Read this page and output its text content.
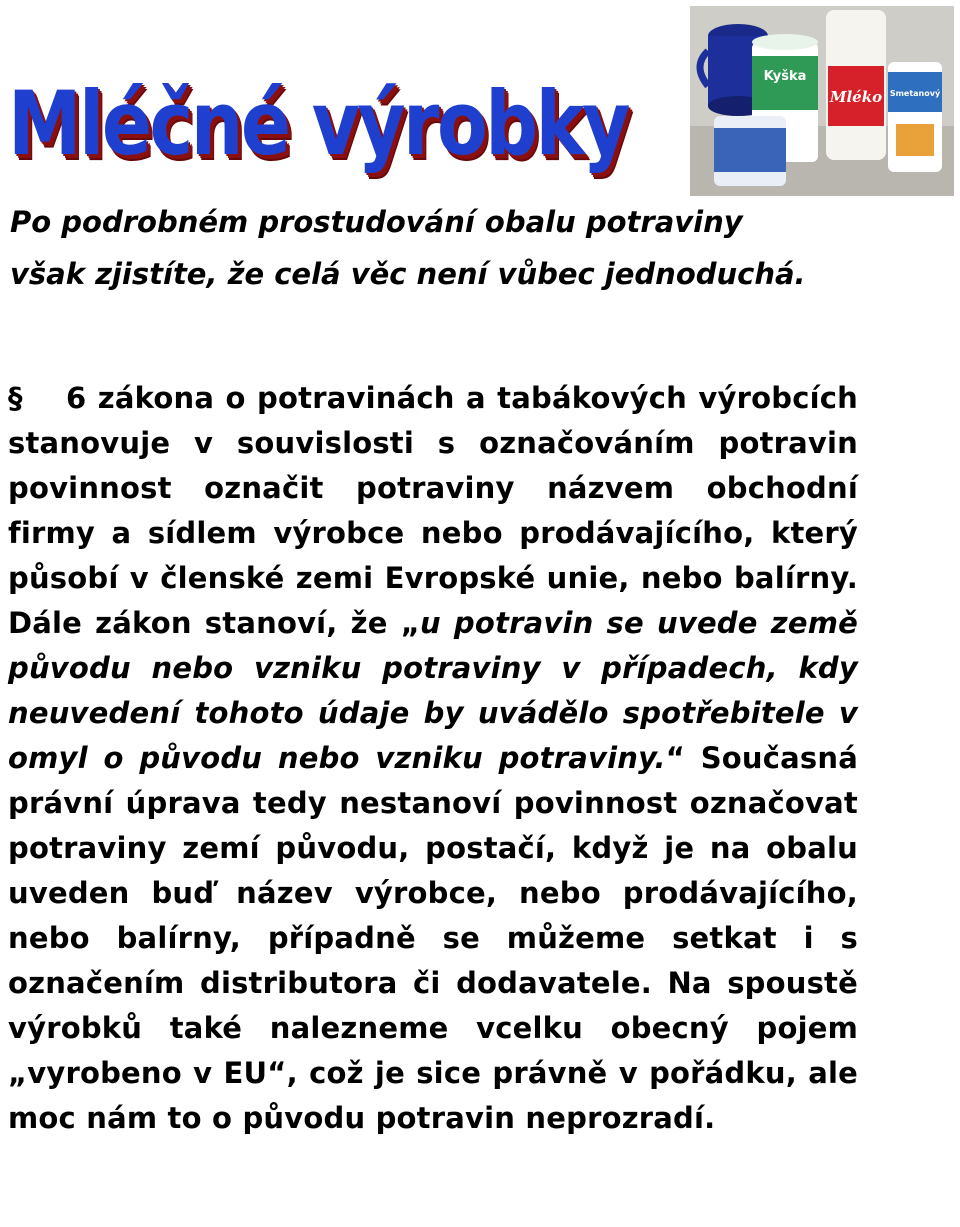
Mléčné výrobky	Kyška
Mléko Smetanový
Po podrobném prostudování obalu potraviny však zjistíte, že celá věc není vůbec jednoduchá.
§ 6 zákona o potravinách a tabákových výrobcích stanovuje v souvislosti s označováním potravin povinnost označit potraviny názvem obchodní firmy a sídlem výrobce nebo prodávajícího, který působí v členské zemi Evropské unie, nebo balírny. Dále zákon stanoví, že „u potravin se uvede země původu nebo vzniku potraviny v případech, kdy neuvedení tohoto údaje by uvádělo spotřebitele v omyl o původu nebo vzniku potraviny.“ Současná právní úprava tedy nestanoví povinnost označovat potraviny zemí původu, postačí, když je na obalu uveden buď název výrobce, nebo prodávajícího, nebo balírny, případně se můžeme setkat i s označením distributora či dodavatele. Na spoustě výrobků také nalezneme vcelku obecný pojem „vyrobeno v EU“, což je sice právně v pořádku, ale moc nám to o původu potravin neprozradí.
